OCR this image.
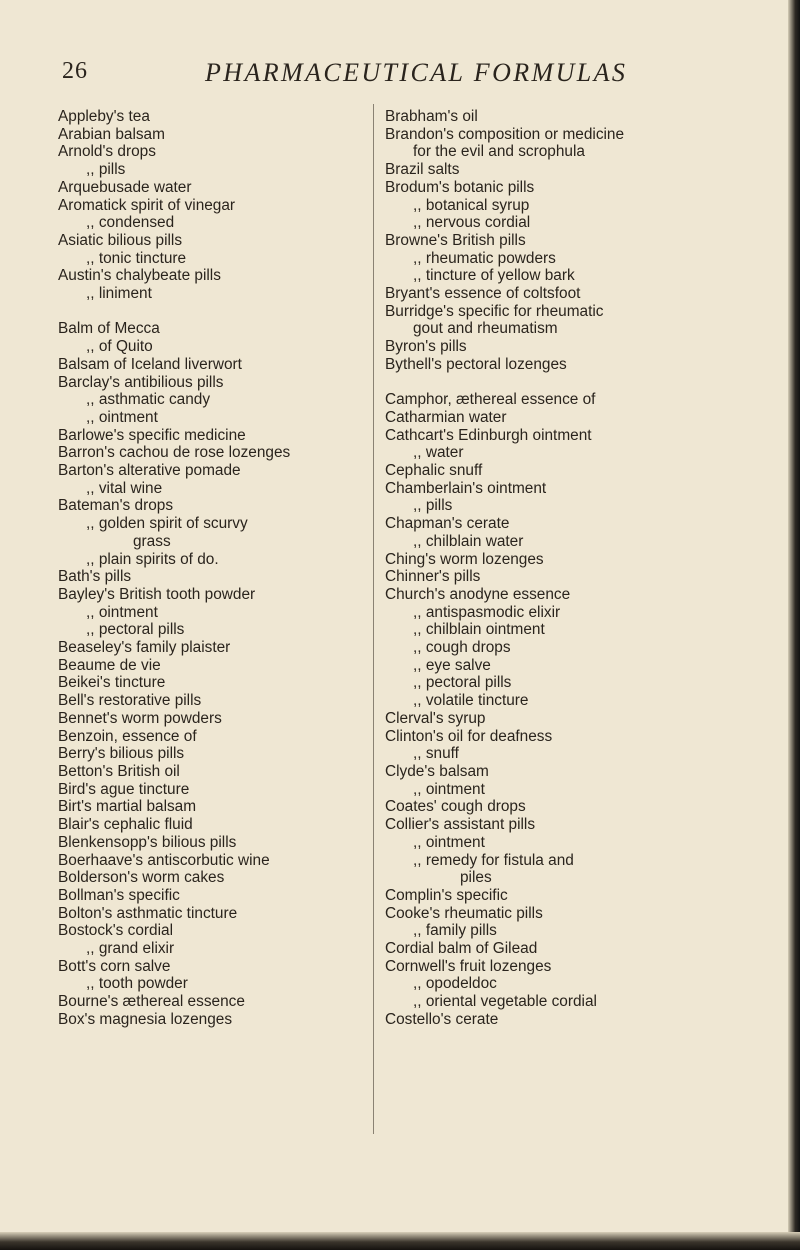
26	PHARMACEUTICAL FORMULAS
Appleby's tea
Arabian balsam
Arnold's drops
,, pills
Arquebusade water
Aromatick spirit of vinegar
,, condensed
Asiatic bilious pills
,, tonic tincture
Austin's chalybeate pills
,, liniment
Balm of Mecca
,, of Quito
Balsam of Iceland liverwort
Barclay's antibilious pills
,, asthmatic candy
,, ointment
Barlowe's specific medicine
Barron's cachou de rose lozenges
Barton's alterative pomade
,, vital wine
Bateman's drops
,, golden spirit of scurvy
grass
,, plain spirits of do.
Bath's pills
Bayley's British tooth powder
,, ointment
,, pectoral pills
Beaseley's family plaister
Beaume de vie
Beikei's tincture
Bell's restorative pills
Bennet's worm powders
Benzoin, essence of
Berry's bilious pills
Betton's British oil
Bird's ague tincture
Birt's martial balsam
Blair's cephalic fluid
Blenkensopp's bilious pills
Boerhaave's antiscorbutic wine
Bolderson's worm cakes
Bollman's specific
Bolton's asthmatic tincture
Bostock's cordial
,, grand elixir
Bott's corn salve
,, tooth powder
Bourne's æthereal essence
Box's magnesia lozenges
Brabham's oil
Brandon's composition or medicine
for the evil and scrophula
Brazil salts
Brodum's botanic pills
,, botanical syrup
,, nervous cordial
Browne's British pills
,, rheumatic powders
,, tincture of yellow bark
Bryant's essence of coltsfoot
Burridge's specific for rheumatic
gout and rheumatism
Byron's pills
Bythell's pectoral lozenges
Camphor, æthereal essence of
Catharmian water
Cathcart's Edinburgh ointment
,, water
Cephalic snuff
Chamberlain's ointment
,, pills
Chapman's cerate
,, chilblain water
Ching's worm lozenges
Chinner's pills
Church's anodyne essence
,, antispasmodic elixir
,, chilblain ointment
,, cough drops
,, eye salve
,, pectoral pills
,, volatile tincture
Clerval's syrup
Clinton's oil for deafness
,, snuff
Clyde's balsam
,, ointment
Coates' cough drops
Collier's assistant pills
,, ointment
,, remedy for fistula and
piles
Complin's specific
Cooke's rheumatic pills
,, family pills
Cordial balm of Gilead
Cornwell's fruit lozenges
,, opodeldoc
,, oriental vegetable cordial
Costello's cerate
